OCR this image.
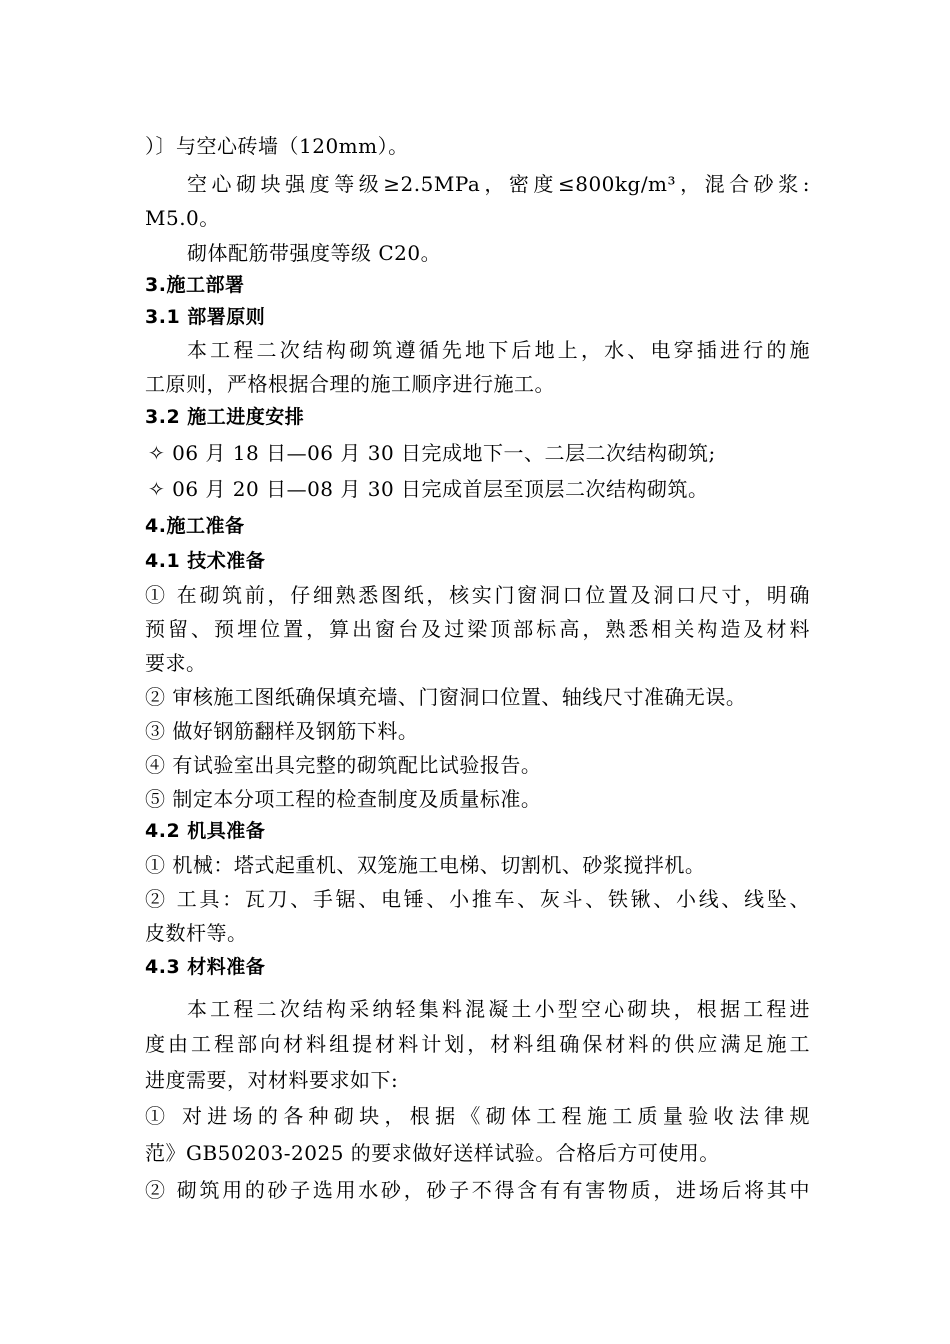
）〕与空心砖墙（120mm）。
空心砌块强度等级≥2.5MPa，密度≤800kg/m³，混合砂浆:
M5.0。
砌体配筋带强度等级 C20。
3.施工部署
3.1 部署原则
本工程二次结构砌筑遵循先地下后地上，水、电穿插进行的施
工原则，严格根据合理的施工顺序进行施工。
3.2 施工进度安排
✧ 06 月 18 日—06 月 30 日完成地下一、二层二次结构砌筑;
✧ 06 月 20 日—08 月 30 日完成首层至顶层二次结构砌筑。
4.施工准备
4.1 技术准备
① 在砌筑前，仔细熟悉图纸，核实门窗洞口位置及洞口尺寸，明确
预留、预埋位置，算出窗台及过梁顶部标高，熟悉相关构造及材料
要求。
② 审核施工图纸确保填充墙、门窗洞口位置、轴线尺寸准确无误。
③ 做好钢筋翻样及钢筋下料。
④ 有试验室出具完整的砌筑配比试验报告。
⑤ 制定本分项工程的检查制度及质量标准。
4.2 机具准备
① 机械：塔式起重机、双笼施工电梯、切割机、砂浆搅拌机。
② 工具：瓦刀、手锯、电锤、小推车、灰斗、铁锹、小线、线坠、
皮数杆等。
4.3 材料准备
本工程二次结构采纳轻集料混凝土小型空心砌块，根据工程进
度由工程部向材料组提材料计划，材料组确保材料的供应满足施工
进度需要，对材料要求如下:
① 对进场的各种砌块，根据《砌体工程施工质量验收法律规
范》GB50203-2025 的要求做好送样试验。合格后方可使用。
② 砌筑用的砂子选用水砂，砂子不得含有有害物质，进场后将其中
